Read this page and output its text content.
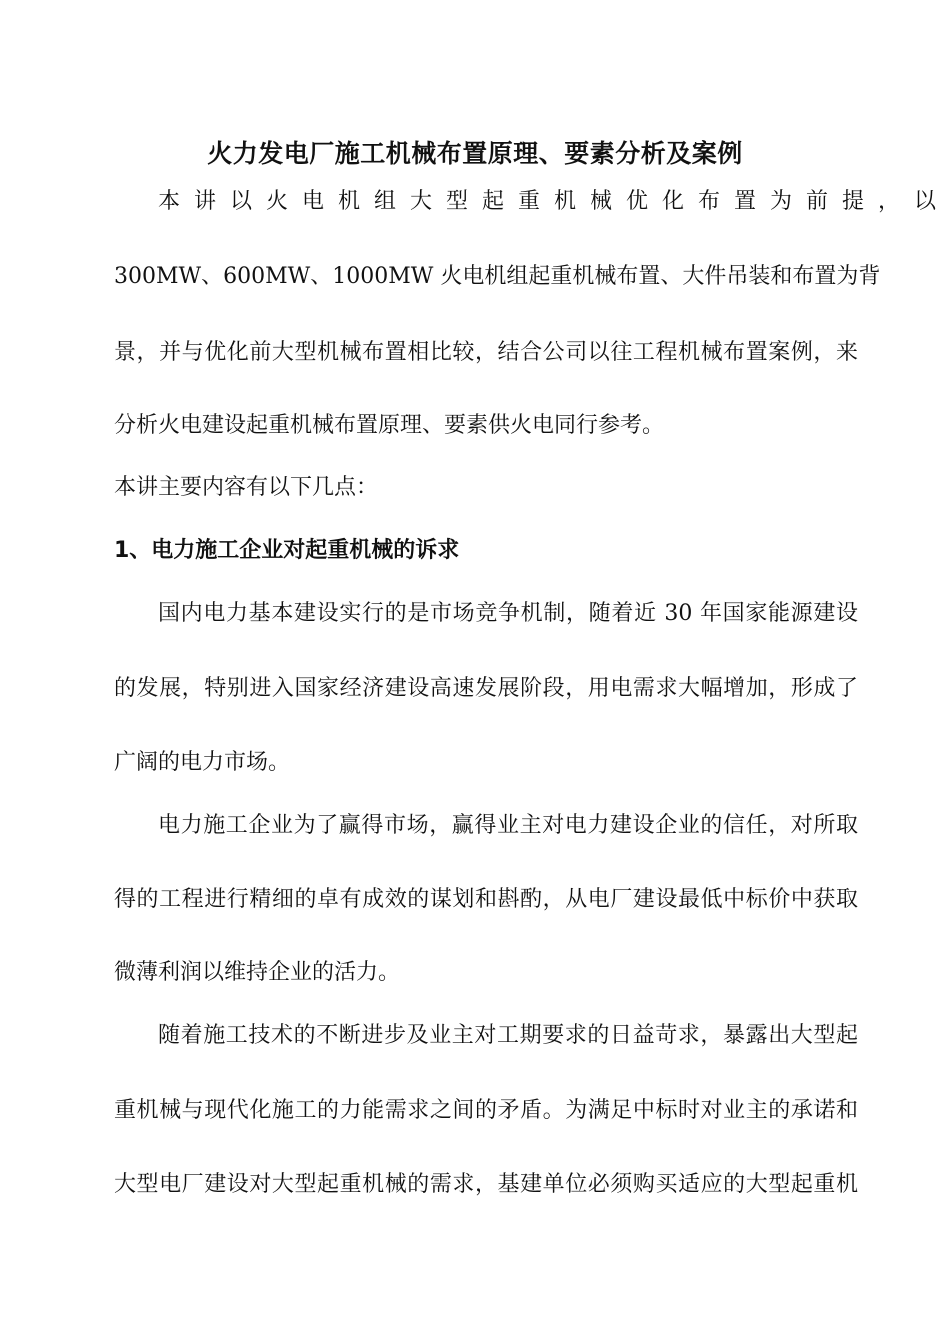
火力发电厂施工机械布置原理、要素分析及案例
本讲以火电机组大型起重机械优化布置为前提，以
300MW、600MW、1000MW 火电机组起重机械布置、大件吊装和布置为背
景，并与优化前大型机械布置相比较，结合公司以往工程机械布置案例，来
分析火电建设起重机械布置原理、要素供火电同行参考。
本讲主要内容有以下几点：
1、电力施工企业对起重机械的诉求
国内电力基本建设实行的是市场竞争机制，随着近 30 年国家能源建设
的发展，特别进入国家经济建设高速发展阶段，用电需求大幅增加，形成了
广阔的电力市场。
电力施工企业为了赢得市场，赢得业主对电力建设企业的信任，对所取
得的工程进行精细的卓有成效的谋划和斟酌，从电厂建设最低中标价中获取
微薄利润以维持企业的活力。
随着施工技术的不断进步及业主对工期要求的日益苛求，暴露出大型起
重机械与现代化施工的力能需求之间的矛盾。为满足中标时对业主的承诺和
大型电厂建设对大型起重机械的需求，基建单位必须购买适应的大型起重机
